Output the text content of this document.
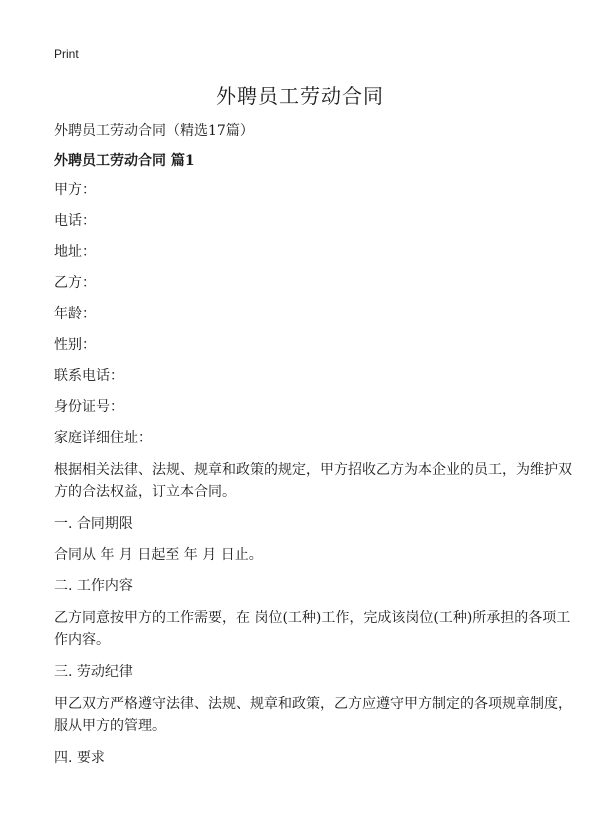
Print
外聘员工劳动合同
外聘员工劳动合同（精选17篇）
外聘员工劳动合同 篇1
甲方：
电话：
地址：
乙方：
年龄：
性别：
联系电话：
身份证号：
家庭详细住址：
根据相关法律、法规、规章和政策的规定，甲方招收乙方为本企业的员工，为维护双方的合法权益，订立本合同。
一. 合同期限
合同从 年 月 日起至 年 月 日止。
二. 工作内容
乙方同意按甲方的工作需要，在 岗位(工种)工作，完成该岗位(工种)所承担的各项工作内容。
三. 劳动纪律
甲乙双方严格遵守法律、法规、规章和政策，乙方应遵守甲方制定的各项规章制度，服从甲方的管理。
四. 要求
